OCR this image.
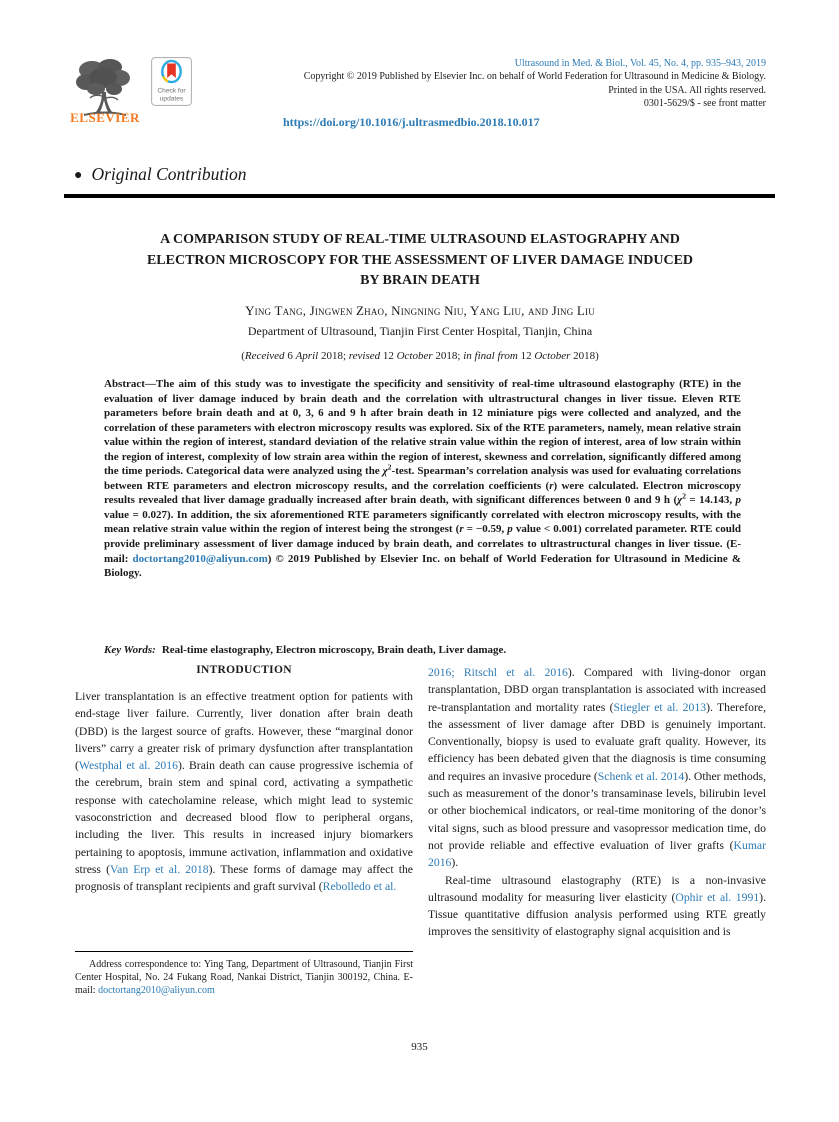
ELSEVIER
Check for
updates
Ultrasound in Med. & Biol., Vol. 45, No. 4, pp. 935–943, 2019
Copyright © 2019 Published by Elsevier Inc. on behalf of World Federation for Ultrasound in Medicine & Biology.
Printed in the USA. All rights reserved.
0301-5629/$ - see front matter
https://doi.org/10.1016/j.ultrasmedbio.2018.10.017
● Original Contribution
A COMPARISON STUDY OF REAL-TIME ULTRASOUND ELASTOGRAPHY AND
ELECTRON MICROSCOPY FOR THE ASSESSMENT OF LIVER DAMAGE INDUCED
BY BRAIN DEATH
Ying Tang, Jingwen Zhao, Ningning Niu, Yang Liu, and Jing Liu
Department of Ultrasound, Tianjin First Center Hospital, Tianjin, China
(Received 6 April 2018; revised 12 October 2018; in final from 12 October 2018)
Abstract—The aim of this study was to investigate the specificity and sensitivity of real-time ultrasound elastography (RTE) in the evaluation of liver damage induced by brain death and the correlation with ultrastructural changes in liver tissue. Eleven RTE parameters before brain death and at 0, 3, 6 and 9 h after brain death in 12 miniature pigs were collected and analyzed, and the correlation of these parameters with electron microscopy results was explored. Six of the RTE parameters, namely, mean relative strain value within the region of interest, standard deviation of the relative strain value within the region of interest, area of low strain within the region of interest, complexity of low strain area within the region of interest, skewness and correlation, significantly differed among the time periods. Categorical data were analyzed using the $\chi^2$-test. Spearman’s correlation analysis was used for evaluating correlations between RTE parameters and electron microscopy results, and the correlation coefficients (r) were calculated. Electron microscopy results revealed that liver damage gradually increased after brain death, with significant differences between 0 and 9 h ($\chi^2 = 14.143$, p value = 0.027). In addition, the six aforementioned RTE parameters significantly correlated with electron microscopy results, with the mean relative strain value within the region of interest being the strongest (r = −0.59, p value < 0.001) correlated parameter. RTE could provide preliminary assessment of liver damage induced by brain death, and correlates to ultrastructural changes in liver tissue. (E-mail: doctortang2010@aliyun.com) © 2019 Published by Elsevier Inc. on behalf of World Federation for Ultrasound in Medicine & Biology.
Key Words: Real-time elastography, Electron microscopy, Brain death, Liver damage.
INTRODUCTION
Liver transplantation is an effective treatment option for patients with end-stage liver failure. Currently, liver donation after brain death (DBD) is the largest source of grafts. However, these “marginal donor livers” carry a greater risk of primary dysfunction after transplantation (Westphal et al. 2016). Brain death can cause progressive ischemia of the cerebrum, brain stem and spinal cord, activating a sympathetic response with catecholamine release, which might lead to systemic vasoconstriction and decreased blood flow to peripheral organs, including the liver. This results in increased injury biomarkers pertaining to apoptosis, immune activation, inflammation and oxidative stress (Van Erp et al. 2018). These forms of damage may affect the prognosis of transplant recipients and graft survival (Rebolledo et al.
2016; Ritschl et al. 2016). Compared with living-donor organ transplantation, DBD organ transplantation is associated with increased re-transplantation and mortality rates (Stiegler et al. 2013). Therefore, the assessment of liver damage after DBD is genuinely important. Conventionally, biopsy is used to evaluate graft quality. However, its efficiency has been debated given that the diagnosis is time consuming and requires an invasive procedure (Schenk et al. 2014). Other methods, such as measurement of the donor’s transaminase levels, bilirubin level or other biochemical indicators, or real-time monitoring of the donor’s vital signs, such as blood pressure and vasopressor medication time, do not provide reliable and effective evaluation of liver grafts (Kumar 2016).
Real-time ultrasound elastography (RTE) is a non-invasive ultrasound modality for measuring liver elasticity (Ophir et al. 1991). Tissue quantitative diffusion analysis performed using RTE greatly improves the sensitivity of elastography signal acquisition and is
Address correspondence to: Ying Tang, Department of Ultrasound, Tianjin First Center Hospital, No. 24 Fukang Road, Nankai District, Tianjin 300192, China. E-mail: doctortang2010@aliyun.com
935
